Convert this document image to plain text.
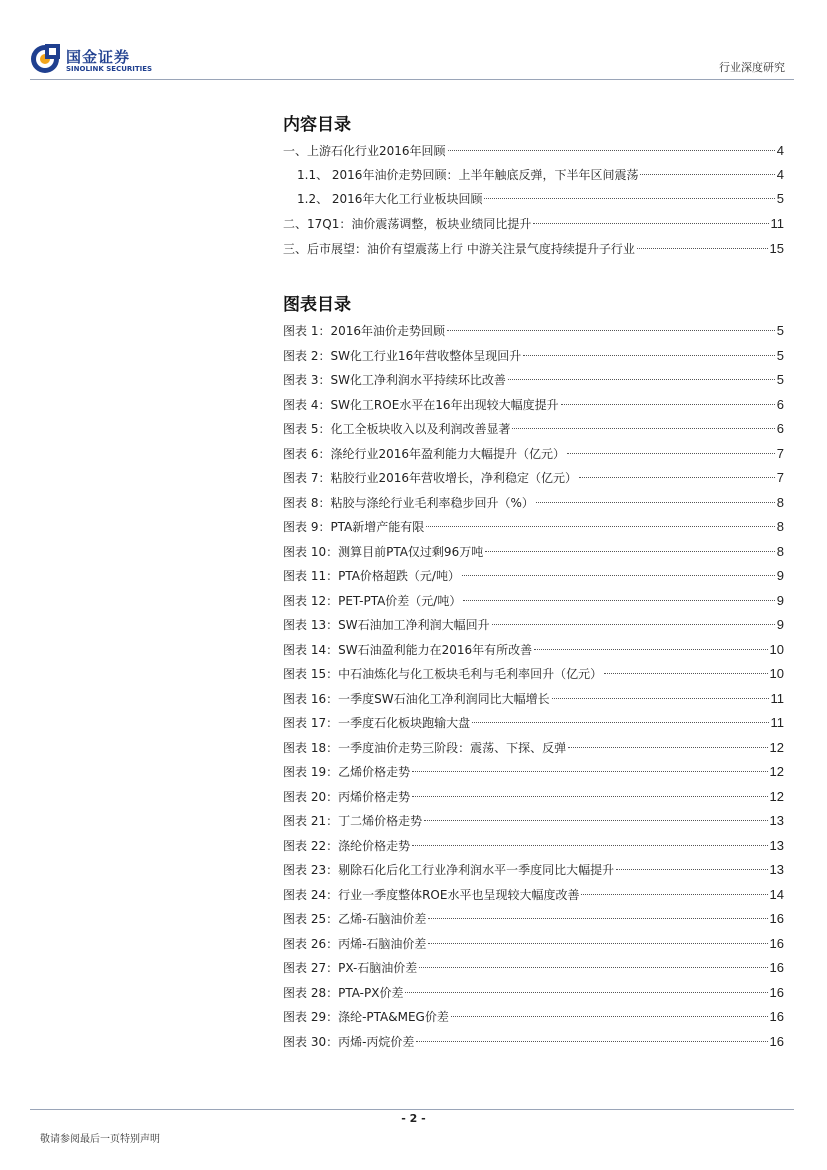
国金证券
SINOLINK SECURITIES	行业深度研究
内容目录
一、上游石化行业2016年回顾	4
1.1、 2016年油价走势回顾：上半年触底反弹，下半年区间震荡	4
1.2、 2016年大化工行业板块回顾	5
二、17Q1：油价震荡调整，板块业绩同比提升	11
三、后市展望：油价有望震荡上行 中游关注景气度持续提升子行业	15
图表目录
图表 1：2016年油价走势回顾	5
图表 2：SW化工行业16年营收整体呈现回升	5
图表 3：SW化工净利润水平持续环比改善	5
图表 4：SW化工ROE水平在16年出现较大幅度提升	6
图表 5：化工全板块收入以及利润改善显著	6
图表 6：涤纶行业2016年盈利能力大幅提升（亿元）	7
图表 7：粘胶行业2016年营收增长，净利稳定（亿元）	7
图表 8：粘胶与涤纶行业毛利率稳步回升（%）	8
图表 9：PTA新增产能有限	8
图表 10：测算目前PTA仅过剩96万吨	8
图表 11：PTA价格超跌（元/吨）	9
图表 12：PET-PTA价差（元/吨）	9
图表 13：SW石油加工净利润大幅回升	9
图表 14：SW石油盈利能力在2016年有所改善	10
图表 15：中石油炼化与化工板块毛利与毛利率回升（亿元）	10
图表 16：一季度SW石油化工净利润同比大幅增长	11
图表 17：一季度石化板块跑输大盘	11
图表 18：一季度油价走势三阶段：震荡、下探、反弹	12
图表 19：乙烯价格走势	12
图表 20：丙烯价格走势	12
图表 21：丁二烯价格走势	13
图表 22：涤纶价格走势	13
图表 23：剔除石化后化工行业净利润水平一季度同比大幅提升	13
图表 24：行业一季度整体ROE水平也呈现较大幅度改善	14
图表 25：乙烯-石脑油价差	16
图表 26：丙烯-石脑油价差	16
图表 27：PX-石脑油价差	16
图表 28：PTA-PX价差	16
图表 29：涤纶-PTA&MEG价差	16
图表 30：丙烯-丙烷价差	16
- 2 -
敬请参阅最后一页特别声明
